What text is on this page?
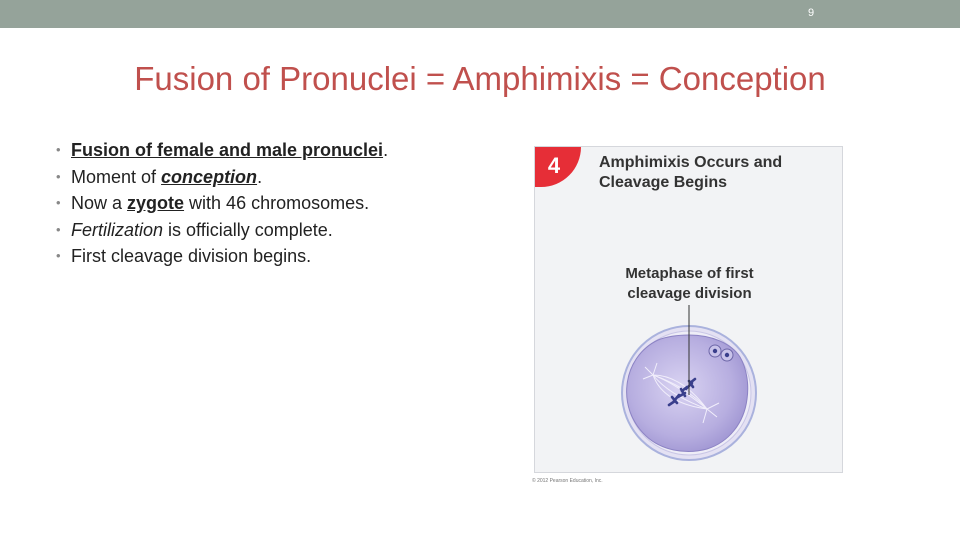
9
Fusion of Pronuclei = Amphimixis = Conception
• Fusion of female and male pronuclei.
• Moment of conception.
• Now a zygote with 46 chromosomes.
• Fertilization is officially complete.
• First cleavage division begins.
4	Amphimixis Occurs and
Cleavage Begins
Metaphase of first
cleavage division
© 2012 Pearson Education, Inc.
